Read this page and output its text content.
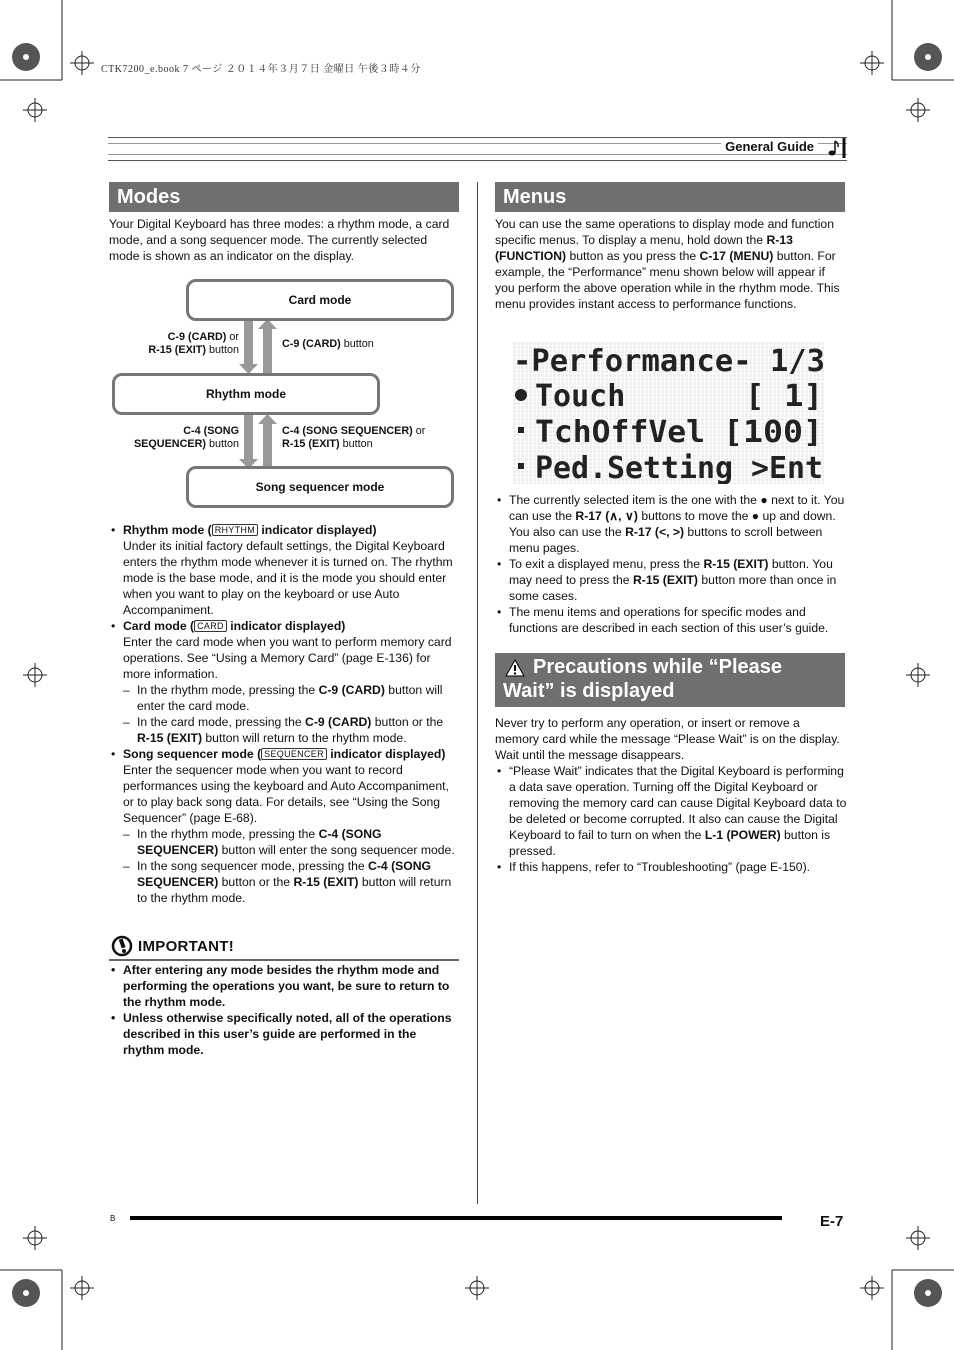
CTK7200_e.book 7 ページ ２０１４年３月７日 金曜日 午後３時４分
General Guide
Modes
Your Digital Keyboard has three modes: a rhythm mode, a card mode, and a song sequencer mode. The currently selected mode is shown as an indicator on the display.
Card mode
Rhythm mode
Song sequencer mode
C-9 (CARD) or
R-15 (EXIT) button	C-9 (CARD) button
C-4 (SONG
SEQUENCER) button
C-4 (SONG SEQUENCER) or
R-15 (EXIT) button
• Rhythm mode ( RHYTHM indicator displayed)
Under its initial factory default settings, the Digital Keyboard enters the rhythm mode whenever it is turned on. The rhythm mode is the base mode, and it is the mode you should enter when you want to play on the keyboard or use Auto Accompaniment.
• Card mode ( CARD indicator displayed)
Enter the card mode when you want to perform memory card operations. See “Using a Memory Card” (page E-136) for more information.
– In the rhythm mode, pressing the C-9 (CARD) button will enter the card mode.
– In the card mode, pressing the C-9 (CARD) button or the R-15 (EXIT) button will return to the rhythm mode.
• Song sequencer mode ( SEQUENCER indicator displayed)
Enter the sequencer mode when you want to record performances using the keyboard and Auto Accompaniment, or to play back song data. For details, see “Using the Song Sequencer” (page E-68).
– In the rhythm mode, pressing the C-4 (SONG SEQUENCER) button will enter the song sequencer mode.
– In the song sequencer mode, pressing the C-4 (SONG SEQUENCER) button or the R-15 (EXIT) button will return to the rhythm mode.
IMPORTANT!
• After entering any mode besides the rhythm mode and performing the operations you want, be sure to return to the rhythm mode.
• Unless otherwise specifically noted, all of the operations described in this user’s guide are performed in the rhythm mode.
Menus
You can use the same operations to display mode and function specific menus. To display a menu, hold down the R-13 (FUNCTION) button as you press the C-17 (MENU) button. For example, the “Performance” menu shown below will appear if you perform the above operation while in the rhythm mode. This menu provides instant access to performance functions.
-Performance- 1/3
Touch	[ 1]
TchOffVel [100]
Ped.Setting >Ent
• The currently selected item is the one with the ● next to it. You can use the R-17 (∧, ∨) buttons to move the ● up and down. You also can use the R-17 (<, >) buttons to scroll between menu pages.
• To exit a displayed menu, press the R-15 (EXIT) button. You may need to press the R-15 (EXIT) button more than once in some cases.
• The menu items and operations for specific modes and functions are described in each section of this user’s guide.
Precautions while “Please Wait” is displayed
Never try to perform any operation, or insert or remove a memory card while the message “Please Wait” is on the display. Wait until the message disappears.
• “Please Wait” indicates that the Digital Keyboard is performing a data save operation. Turning off the Digital Keyboard or removing the memory card can cause Digital Keyboard data to be deleted or become corrupted. It also can cause the Digital Keyboard to fail to turn on when the L-1 (POWER) button is pressed.
• If this happens, refer to “Troubleshooting” (page E-150).
B	E-7
